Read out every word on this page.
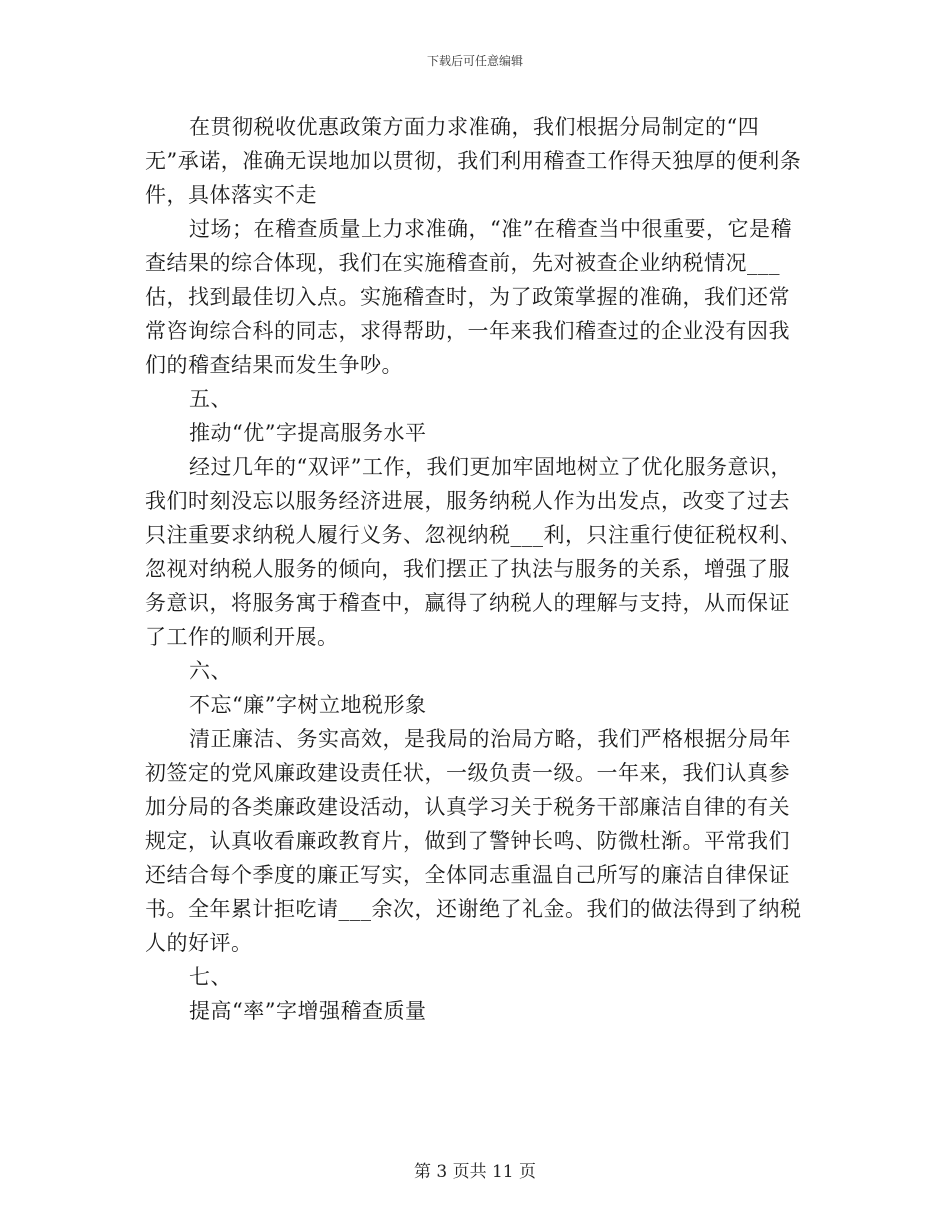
下载后可任意编辑

在贯彻税收优惠政策方面力求准确，我们根据分局制定的“四无”承诺，准确无误地加以贯彻，我们利用稽查工作得天独厚的便利条件，具体落实不走

过场；在稽查质量上力求准确，“准”在稽查当中很重要，它是稽查结果的综合体现，我们在实施稽查前，先对被查企业纳税情况___估，找到最佳切入点。实施稽查时，为了政策掌握的准确，我们还常常咨询综合科的同志，求得帮助，一年来我们稽查过的企业没有因我们的稽查结果而发生争吵。

五、

推动“优”字提高服务水平

经过几年的“双评”工作，我们更加牢固地树立了优化服务意识，我们时刻没忘以服务经济进展，服务纳税人作为出发点，改变了过去只注重要求纳税人履行义务、忽视纳税___利，只注重行使征税权利、忽视对纳税人服务的倾向，我们摆正了执法与服务的关系，增强了服务意识，将服务寓于稽查中，赢得了纳税人的理解与支持，从而保证了工作的顺利开展。

六、

不忘“廉”字树立地税形象

清正廉洁、务实高效，是我局的治局方略，我们严格根据分局年初签定的党风廉政建设责任状，一级负责一级。一年来，我们认真参加分局的各类廉政建设活动，认真学习关于税务干部廉洁自律的有关规定，认真收看廉政教育片，做到了警钟长鸣、防微杜渐。平常我们还结合每个季度的廉正写实，全体同志重温自己所写的廉洁自律保证书。全年累计拒吃请___余次，还谢绝了礼金。我们的做法得到了纳税人的好评。

七、

提高“率”字增强稽查质量

第 3 页共 11 页
